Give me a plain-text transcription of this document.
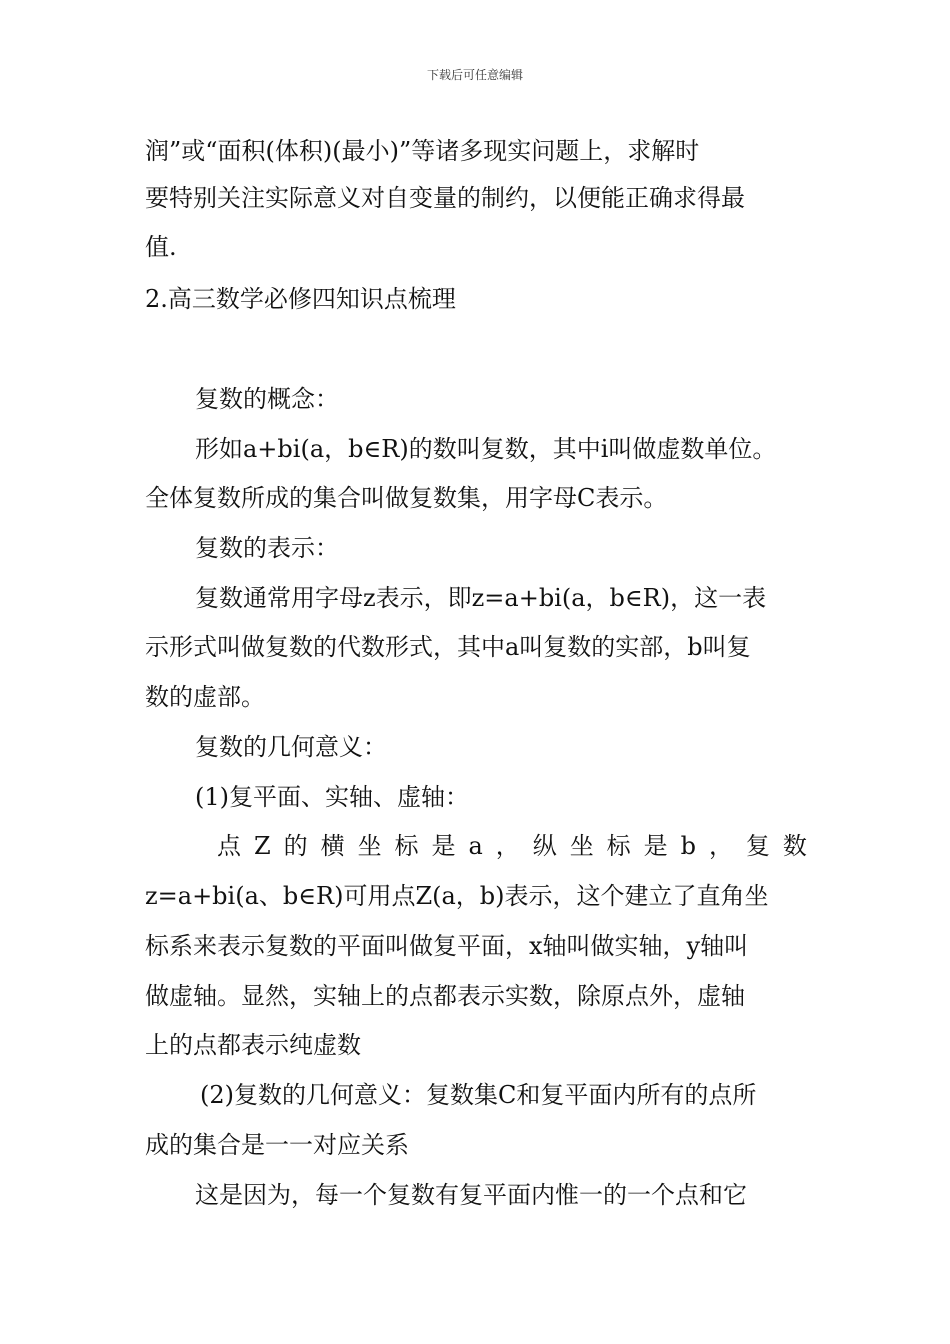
下载后可任意编辑
润”或“面积(体积)(最小)”等诸多现实问题上，求解时
要特别关注实际意义对自变量的制约，以便能正确求得最
值.
2.高三数学必修四知识点梳理
复数的概念：
形如a+bi(a，b∈R)的数叫复数，其中i叫做虚数单位。
全体复数所成的集合叫做复数集，用字母C表示。
复数的表示：
复数通常用字母z表示，即z=a+bi(a，b∈R)，这一表
示形式叫做复数的代数形式，其中a叫复数的实部，b叫复
数的虚部。
复数的几何意义：
(1)复平面、实轴、虚轴：
点 Z 的 横 坐 标 是 a ， 纵 坐 标 是 b ， 复 数
z=a+bi(a、b∈R)可用点Z(a，b)表示，这个建立了直角坐
标系来表示复数的平面叫做复平面，x轴叫做实轴，y轴叫
做虚轴。显然，实轴上的点都表示实数，除原点外，虚轴
上的点都表示纯虚数
(2)复数的几何意义：复数集C和复平面内所有的点所
成的集合是一一对应关系
这是因为，每一个复数有复平面内惟一的一个点和它
